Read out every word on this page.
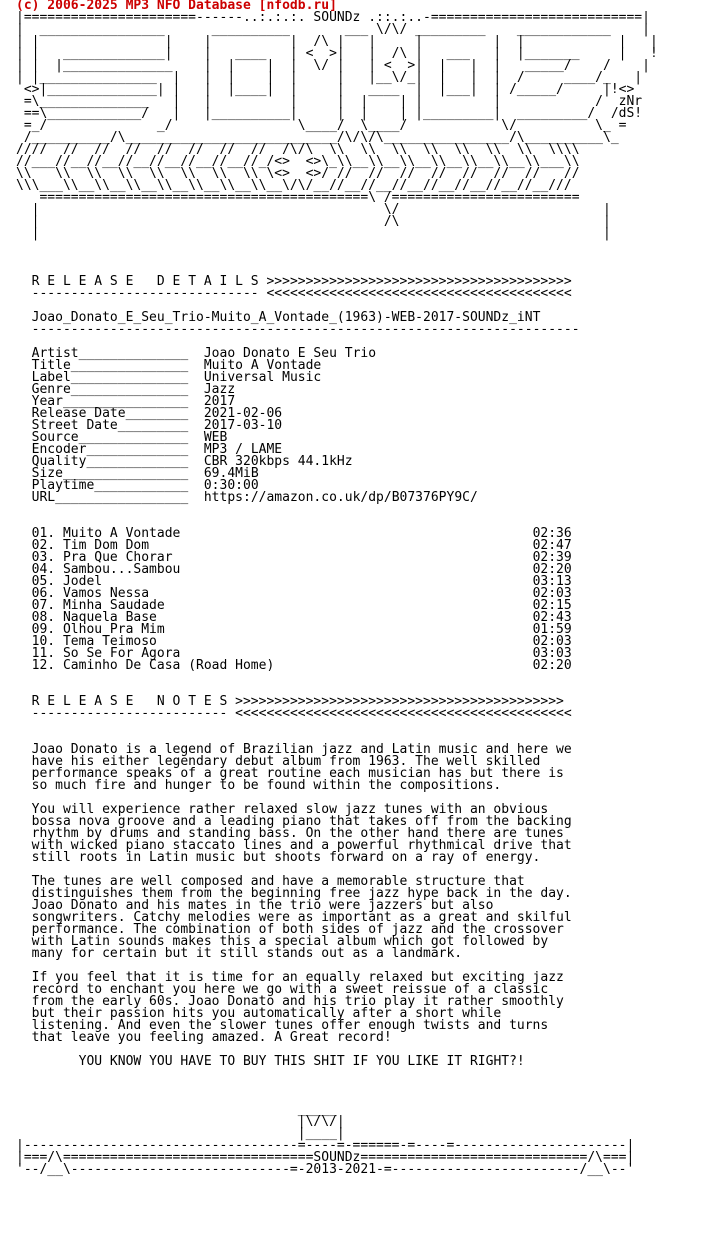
(c) 2006-2025 MP3 NFO Database [nfodb.ru]
|======================------..:.:.:. SOUNDz .::.:..-===========================|
|  ________________      __________       ___ \/\/ _________    ____________    |
| |                |    |          |  /\ |   |     |         |  |            |   |
| |   _____________|    |   ____   | <  >|   |  /\ |   ___   |  |_______     |   !
| |  |______________    |  |    |  |  \/ |   | <  >|  |   |  |   _____/    /    |
| |_______________  |   |  |    |  |     |   |__\/_|  |   |  |  /     ____/_   |
<>|______________| |   |  |____|  |     |   ____  |  |___|  | /_____/     |!<>
=\______________   |   |          |     |  |    | |         |            /  zNr
==\____________/   |   |__________|     |  |    | |_________|  _________/  /dS!
=_/              _/                \____/  \____/            \/          \_ =
/__________/\___________________________/\/\/\________________/\__________\_
////  //  //  //  //  //  //  //  /\/\  \\  \\  \\  \\  \\  \\  \\  \\\\
//___//__//__//__//__//__//__//_/<>  <>\_\\__\\__\\__\\__\\__\\__\\___\\
\\   \\  \\  \\  \\  \\  \\  \\ \<>  <>/ //  //  //  //  //  //  //   //
\\\___\\__\\__\\__\\__\\__\\__\\__\/\/__//__//__//__//__//__//__//__///
==========================================\ /========================
|                                            \/                          |
|                                            /\                          |
|                                                                        |

R E L E A S E   D E T A I L S >>>>>>>>>>>>>>>>>>>>>>>>>>>>>>>>>>>>>>>
----------------------------- <<<<<<<<<<<<<<<<<<<<<<<<<<<<<<<<<<<<<<<

Joao_Donato_E_Seu_Trio-Muito_A_Vontade_(1963)-WEB-2017-SOUNDz_iNT
----------------------------------------------------------------------

Artist______________ Joao Donato E Seu Trio
Title_______________ Muito A Vontade
Label_______________ Universal Music
Genre_______________ Jazz
Year________________ 2017
Release Date________ 2021-02-06
Street Date_________ 2017-03-10
Source______________ WEB
Encoder_____________ MP3 / LAME
Quality_____________ CBR 320kbps 44.1kHz
Size________________ 69.4MiB
Playtime____________ 0:30:00
URL_________________ https://amazon.co.uk/dp/B07376PY9C/

01. Muito A Vontade	02:36
02. Tim Dom Dom	02:47
03. Pra Que Chorar	02:39
04. Sambou...Sambou	02:20
05. Jodel	03:13
06. Vamos Nessa	02:03
07. Minha Saudade	02:15
08. Naquela Base	02:43
09. Olhou Pra Mim	01:59
10. Tema Teimoso	02:03
11. So Se For Agora	03:03
12. Caminho De Casa (Road Home)	02:20

R E L E A S E   N O T E S >>>>>>>>>>>>>>>>>>>>>>>>>>>>>>>>>>>>>>>>>>
------------------------- <<<<<<<<<<<<<<<<<<<<<<<<<<<<<<<<<<<<<<<<<<<

Joao Donato is a legend of Brazilian jazz and Latin music and here we
have his either legendary debut album from 1963. The well skilled
performance speaks of a great routine each musician has but there is
so much fire and hunger to be found within the compositions.

You will experience rather relaxed slow jazz tunes with an obvious
bossa nova groove and a leading piano that takes off from the backing
rhythm by drums and standing bass. On the other hand there are tunes
with wicked piano staccato lines and a powerful rhythmical drive that
still roots in Latin music but shoots forward on a ray of energy.

The tunes are well composed and have a memorable structure that
distinguishes them from the beginning free jazz hype back in the day.
Joao Donato and his mates in the trio were jazzers but also
songwriters. Catchy melodies were as important as a great and skilful
performance. The combination of both sides of jazz and the crossover
with Latin sounds makes this a special album which got followed by
many for certain but it still stands out as a landmark.

If you feel that it is time for an equally relaxed but exciting jazz
record to enchant you here we go with a sweet reissue of a classic
from the early 60s. Joao Donato and his trio play it rather smoothly
but their passion hits you automatically after a short while
listening. And even the slower tunes offer enough twists and turns
that leave you feeling amazed. A Great record!

YOU KNOW YOU HAVE TO BUY THIS SHIT IF YOU LIKE IT RIGHT?!

_____
|\/\/|
|____|
|-----------------------------------=----=-======-=----=----------------------|
|===/\================================SOUNDz=============================/\===|
'--/__\----------------------------=-2013-2021-=------------------------/__\--'
